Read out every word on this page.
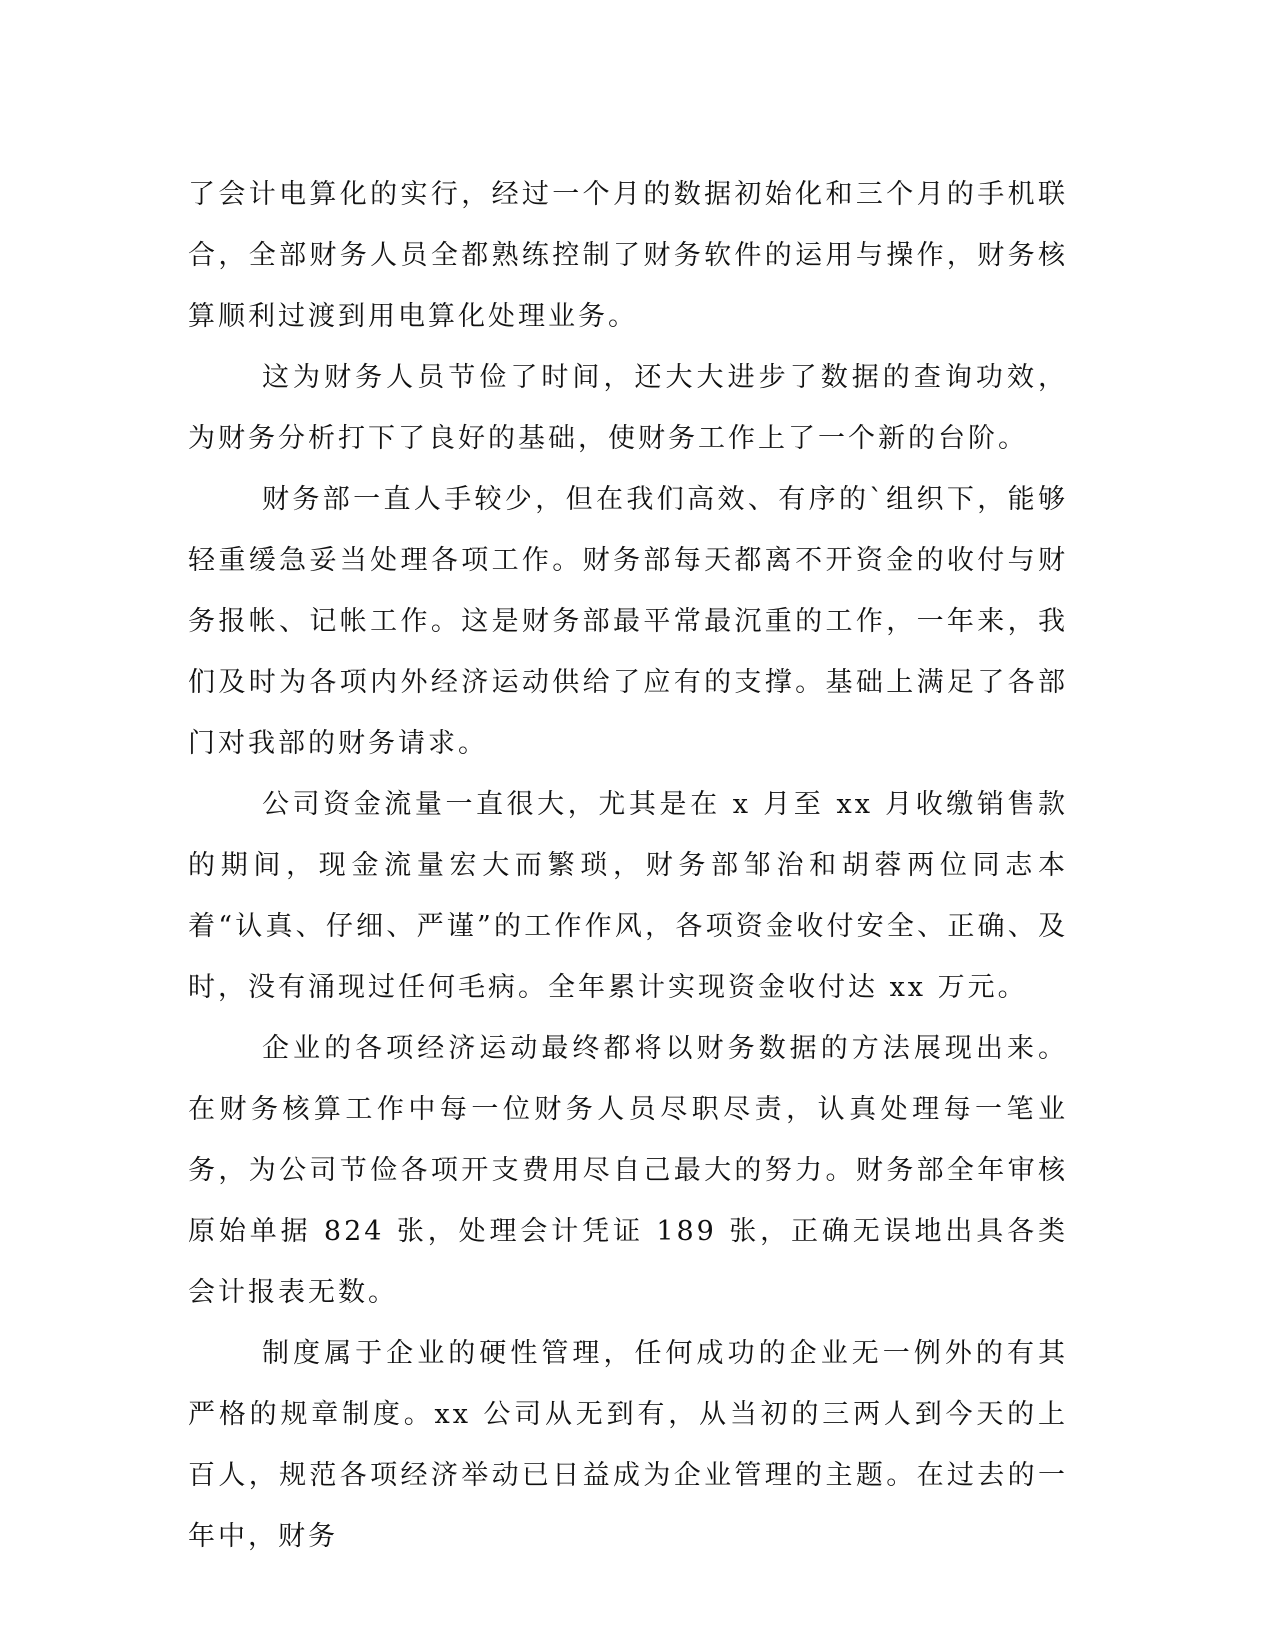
了会计电算化的实行，经过一个月的数据初始化和三个月的手机联合，全部财务人员全都熟练控制了财务软件的运用与操作，财务核算顺利过渡到用电算化处理业务。

这为财务人员节俭了时间，还大大进步了数据的查询功效，为财务分析打下了良好的基础，使财务工作上了一个新的台阶。

财务部一直人手较少，但在我们高效、有序的`组织下，能够轻重缓急妥当处理各项工作。财务部每天都离不开资金的收付与财务报帐、记帐工作。这是财务部最平常最沉重的工作，一年来，我们及时为各项内外经济运动供给了应有的支撑。基础上满足了各部门对我部的财务请求。

公司资金流量一直很大，尤其是在 x 月至 xx 月收缴销售款的期间，现金流量宏大而繁琐，财务部邹治和胡蓉两位同志本着“认真、仔细、严谨”的工作作风，各项资金收付安全、正确、及时，没有涌现过任何毛病。全年累计实现资金收付达 xx 万元。

企业的各项经济运动最终都将以财务数据的方法展现出来。在财务核算工作中每一位财务人员尽职尽责，认真处理每一笔业务，为公司节俭各项开支费用尽自己最大的努力。财务部全年审核原始单据 824 张，处理会计凭证 189 张，正确无误地出具各类会计报表无数。

制度属于企业的硬性管理，任何成功的企业无一例外的有其严格的规章制度。xx 公司从无到有，从当初的三两人到今天的上百人，规范各项经济举动已日益成为企业管理的主题。在过去的一年中，财务
